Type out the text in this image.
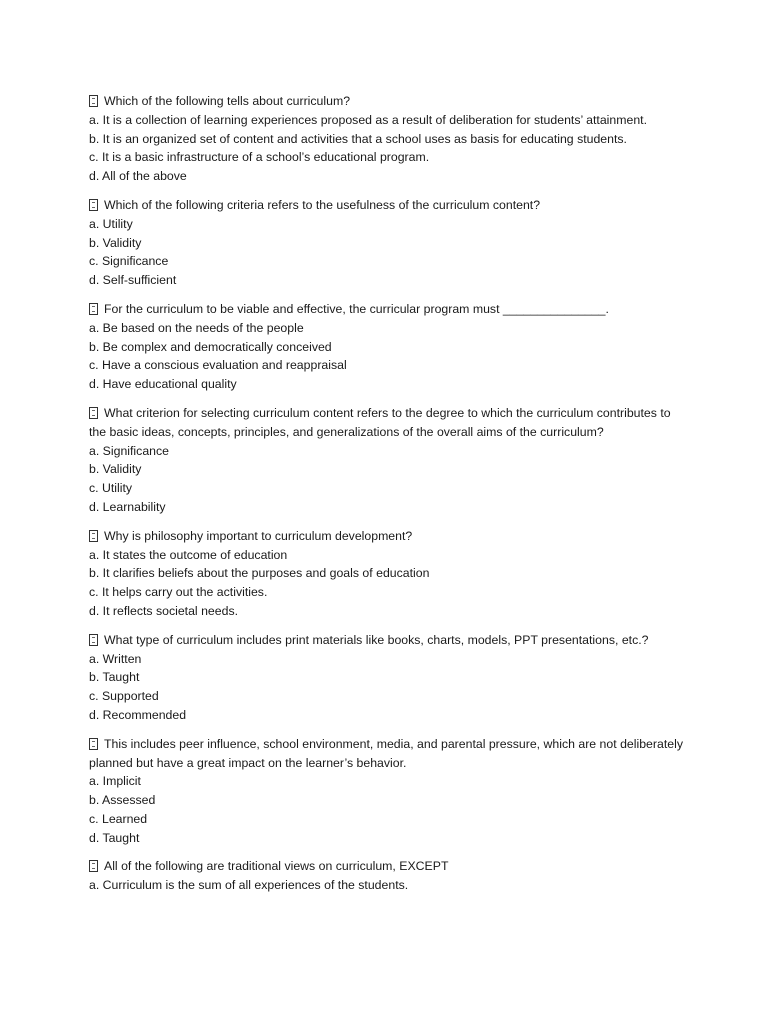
Which of the following tells about curriculum?
a. It is a collection of learning experiences proposed as a result of deliberation for students’ attainment.
b. It is an organized set of content and activities that a school uses as basis for educating students.
c. It is a basic infrastructure of a school’s educational program.
d. All of the above
Which of the following criteria refers to the usefulness of the curriculum content?
a. Utility
b. Validity
c. Significance
d. Self-sufficient
For the curriculum to be viable and effective, the curricular program must _______________.
a. Be based on the needs of the people
b. Be complex and democratically conceived
c. Have a conscious evaluation and reappraisal
d. Have educational quality
What criterion for selecting curriculum content refers to the degree to which the curriculum contributes to the basic ideas, concepts, principles, and generalizations of the overall aims of the curriculum?
a. Significance
b. Validity
c. Utility
d. Learnability
Why is philosophy important to curriculum development?
a. It states the outcome of education
b. It clarifies beliefs about the purposes and goals of education
c. It helps carry out the activities.
d. It reflects societal needs.
What type of curriculum includes print materials like books, charts, models, PPT presentations, etc.?
a. Written
b. Taught
c. Supported
d. Recommended
This includes peer influence, school environment, media, and parental pressure, which are not deliberately planned but have a great impact on the learner’s behavior.
a. Implicit
b. Assessed
c. Learned
d. Taught
All of the following are traditional views on curriculum, EXCEPT
a. Curriculum is the sum of all experiences of the students.
